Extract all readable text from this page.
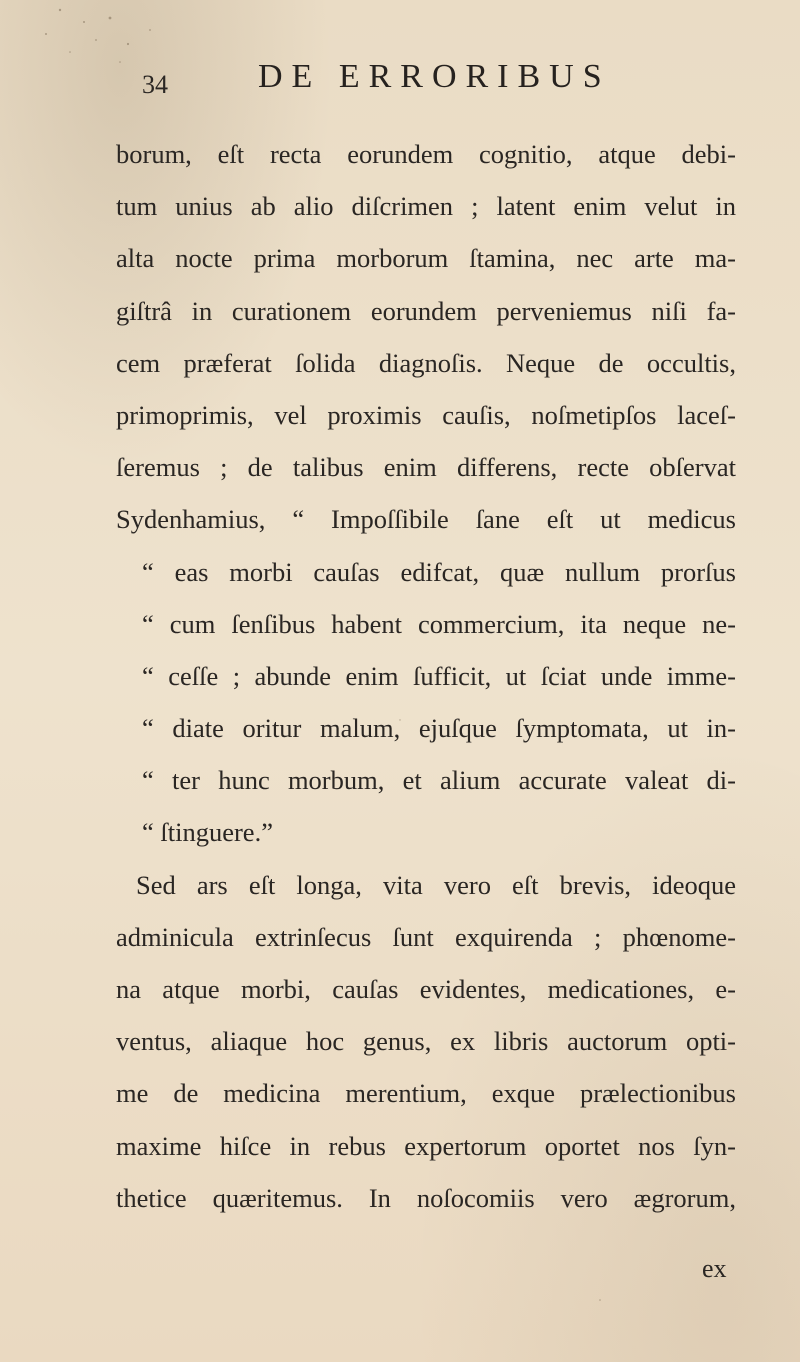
34	DE ERRORIBUS
borum, eſt recta eorundem cognitio, atque debi-
tum unius ab alio diſcrimen ; latent enim velut in
alta nocte prima morborum ſtamina, nec arte ma-
giſtrâ in curationem eorundem perveniemus niſi fa-
cem præferat ſolida diagnoſis. Neque de occultis,
primoprimis, vel proximis cauſis, noſmetipſos laceſ-
ſeremus ; de talibus enim differens, recte obſervat
Sydenhamius, “ Impoſſibile ſane eſt ut medicus
“ eas morbi cauſas edifcat, quæ nullum prorſus
“ cum ſenſibus habent commercium, ita neque ne-
“ ceſſe ; abunde enim ſufficit, ut ſciat unde imme-
“ diate oritur malum, ejuſque ſymptomata, ut in-
“ ter hunc morbum, et alium accurate valeat di-
“ ſtinguere.”
Sed ars eſt longa, vita vero eſt brevis, ideoque
adminicula extrinſecus ſunt exquirenda ; phœnome-
na atque morbi, cauſas evidentes, medicationes, e-
ventus, aliaque hoc genus, ex libris auctorum opti-
me de medicina merentium, exque prælectionibus
maxime hiſce in rebus expertorum oportet nos ſyn-
thetice quæritemus. In noſocomiis vero ægrorum,
ex
